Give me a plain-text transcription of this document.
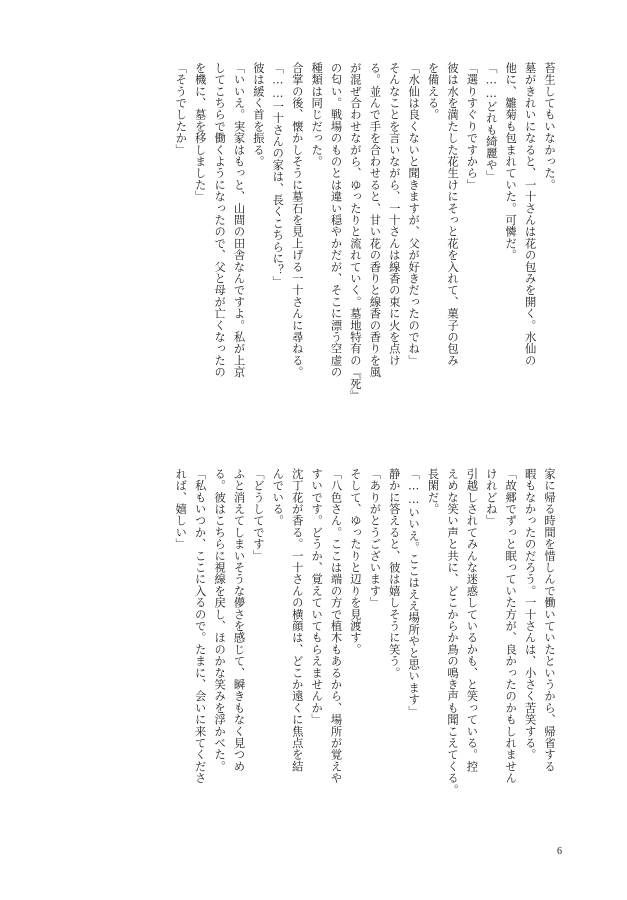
苔生してもいなかった。
墓がきれいになると、一十さんは花の包みを開く。水仙の
他に、雛菊も包まれていた。可憐だ。
「……どれも綺麗や」
「選りすぐりですから」
彼は水を満たした花生けにそっと花を入れて、菓子の包み
を備える。
「水仙は良くないと聞きますが、父が好きだったのでね」
そんなことを言いながら、一十さんは線香の束に火を点け
る。並んで手を合わせると、甘い花の香りと線香の香りを風
が混ぜ合わせながら、ゆったりと流れていく。墓地特有の『死』
の匂い。戦場のものとは違い穏やかだが、そこに漂う空虚の
種類は同じだった。
合掌の後、懐かしそうに墓石を見上げる一十さんに尋ねる。
「……一十さんの家は、長くこちらに？」
彼は緩く首を振る。
「いいえ。実家はもっと、山間の田舎なんですよ。私が上京
してこちらで働くようになったので、父と母が亡くなったの
を機に、墓を移しました」
「そうでしたか」
家に帰る時間を惜しんで働いていたというから、帰省する
暇もなかったのだろう。一十さんは、小さく苦笑する。
「故郷でずっと眠っていた方が、良かったのかもしれません
けれどね」
引越しされてみんな迷惑しているかも、と笑っている。控
えめな笑い声と共に、どこからか鳥の鳴き声も聞こえてくる。
長閑だ。
「……いいえ。ここはええ場所やと思います」
静かに答えると、彼は嬉しそうに笑う。
「ありがとうございます」
そして、ゆったりと辺りを見渡す。
「八色さん。ここは端の方で植木もあるから、場所が覚えや
すいです。どうか、覚えていてもらえませんか」
沈丁花が香る。一十さんの横顔は、どこか遠くに焦点を結
んでいる。
「どうしてです」
ふと消えてしまいそうな儚さを感じて、瞬きもなく見つめ
る。彼はこちらに視線を戻し、ほのかな笑みを浮かべた。
「私もいつか、ここに入るので。たまに、会いに来てくださ
れば、嬉しい」
6
